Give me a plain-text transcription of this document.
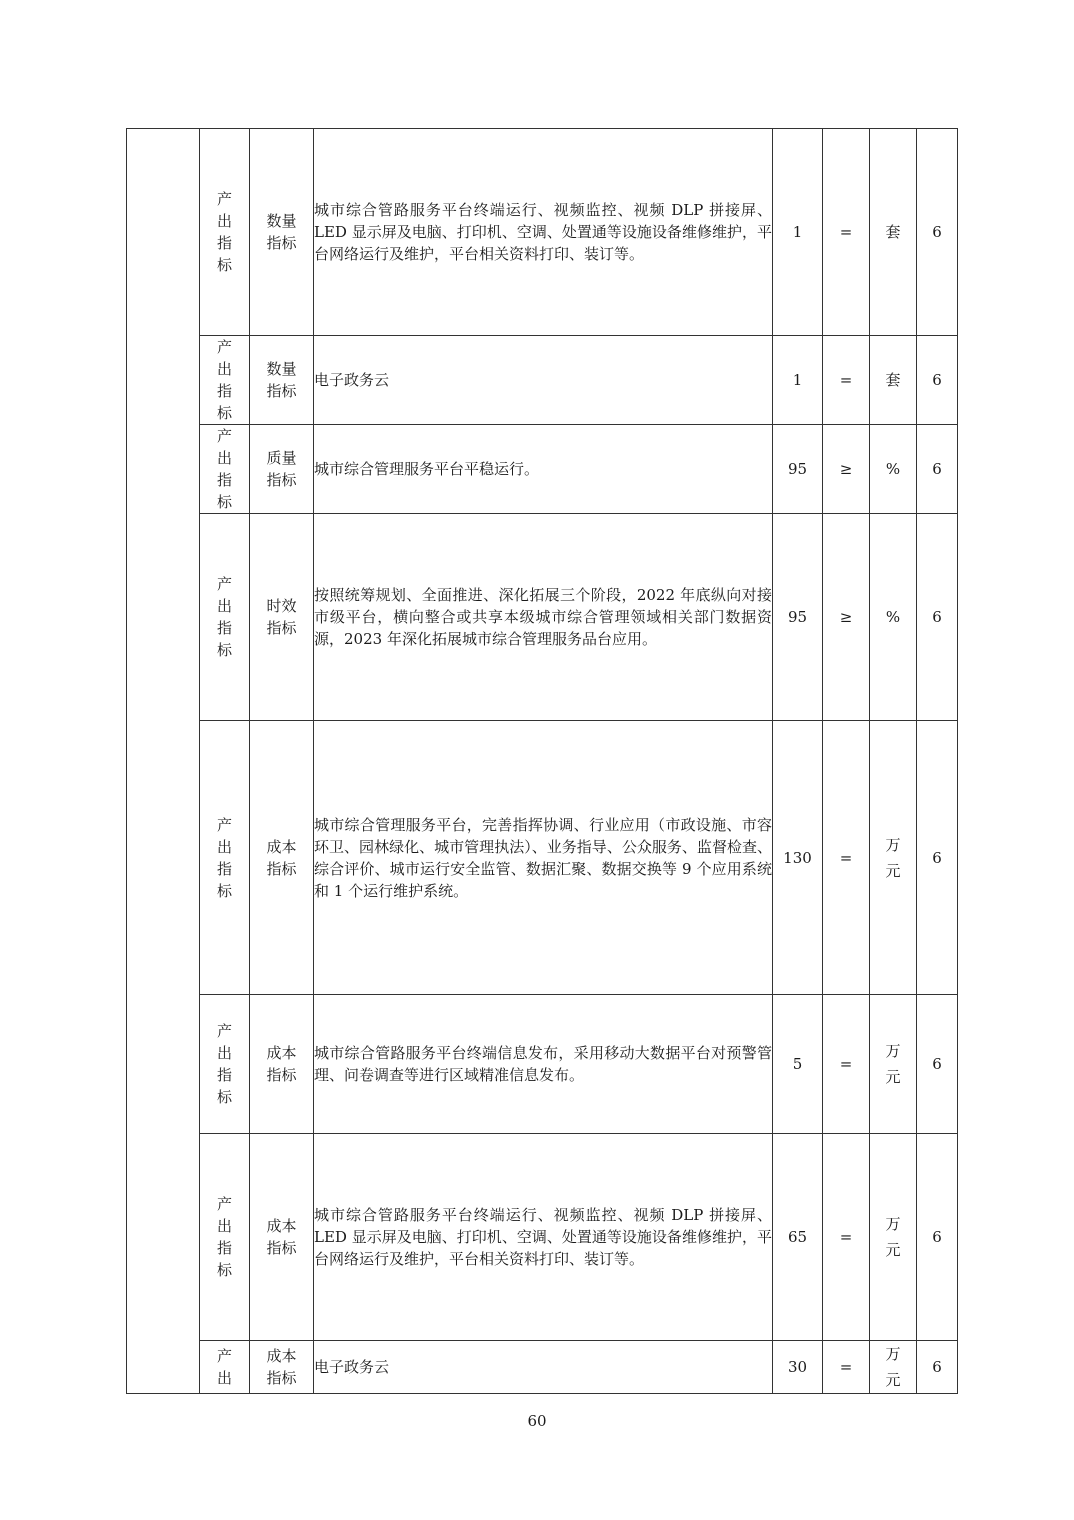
	产出指标	数量指标	城市综合管路服务平台终端运行、视频监控、视频 DLP 拼接屏、LED 显示屏及电脑、打印机、空调、处置通等设施设备维修维护，平台网络运行及维护，平台相关资料打印、装订等。	1	=	套	6
	产出指标	数量指标	电子政务云	1	=	套	6
	产出指标	质量指标	城市综合管理服务平台平稳运行。	95	≥	%	6
	产出指标	时效指标	按照统筹规划、全面推进、深化拓展三个阶段，2022 年底纵向对接市级平台，横向整合或共享本级城市综合管理领域相关部门数据资源，2023 年深化拓展城市综合管理服务品台应用。	95	≥	%	6
	产出指标	成本指标	城市综合管理服务平台，完善指挥协调、行业应用（市政设施、市容环卫、园林绿化、城市管理执法）、业务指导、公众服务、监督检查、综合评价、城市运行安全监管、数据汇聚、数据交换等 9 个应用系统和 1 个运行维护系统。	130	=	万元	6
	产出指标	成本指标	城市综合管路服务平台终端信息发布，采用移动大数据平台对预警管理、问卷调查等进行区域精准信息发布。	5	=	万元	6
	产出指标	成本指标	城市综合管路服务平台终端运行、视频监控、视频 DLP 拼接屏、LED 显示屏及电脑、打印机、空调、处置通等设施设备维修维护，平台网络运行及维护，平台相关资料打印、装订等。	65	=	万元	6
	产出	成本指标	电子政务云	30	=	万元	6
60
